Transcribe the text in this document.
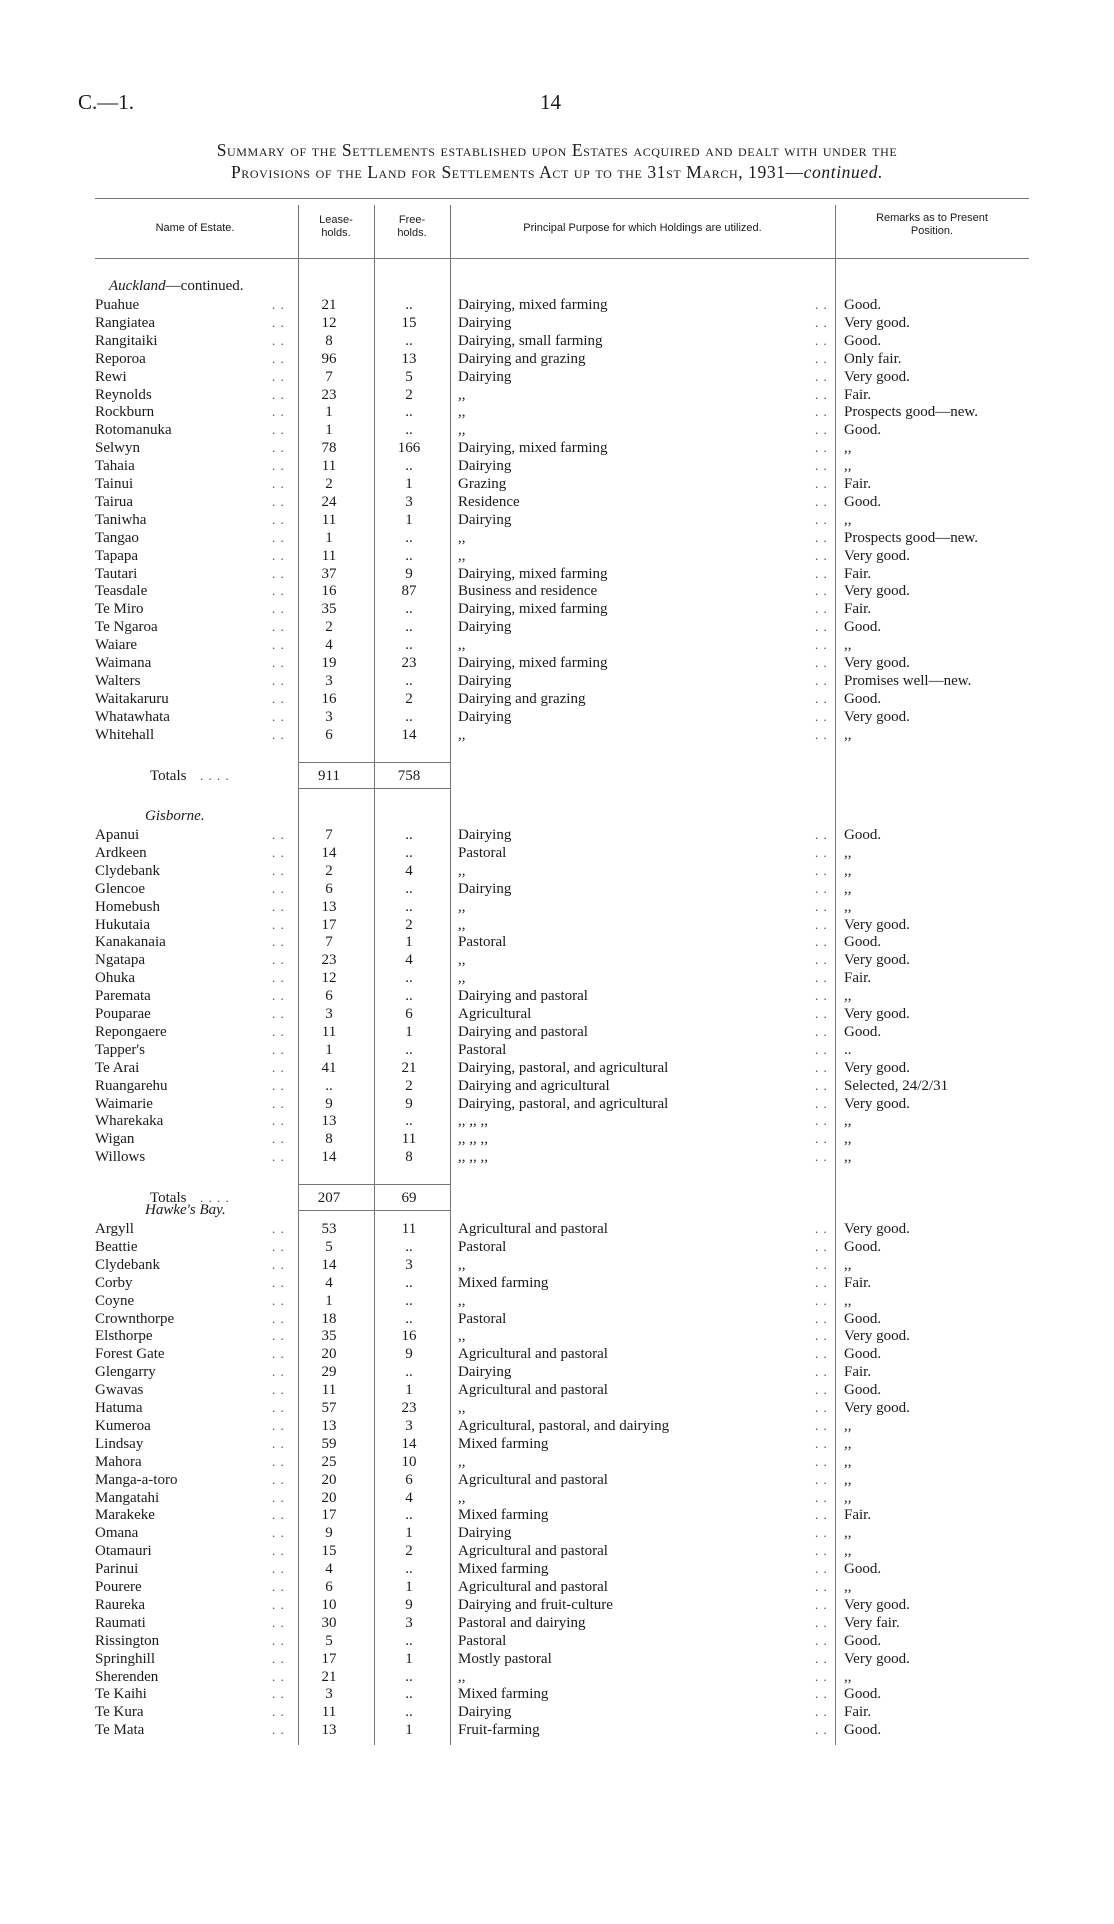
C.—1.	14
Summary of the Settlements established upon Estates acquired and dealt with under the
Provisions of the Land for Settlements Act up to the 31st March, 1931—continued.
Name of Estate.
Lease-
holds.
Free-
holds.	Principal Purpose for which Holdings are utilized.
Remarks as to Present
Position.
Auckland—continued.
Puahue	. .	21	..	Dairying, mixed farming	. . Good.
Rangiatea	. .	12	15	Dairying	. . Very good.
Rangitaiki	. .	8	..	Dairying, small farming	. . Good.
Reporoa	. .	96	13	Dairying and grazing	. . Only fair.
Rewi	. .	7	5	Dairying	. . Very good.
Reynolds	. .	23	2	,,	. . Fair.
Rockburn	. .	1	..	,,	. . Prospects good—new.
Rotomanuka	. .	1	..	,,	. . Good.
Selwyn	. .	78	166	Dairying, mixed farming	. . ,,
Tahaia	. .	11	..	Dairying	. . ,,
Tainui	. .	2	1	Grazing	. . Fair.
Tairua	. .	24	3	Residence	. . Good.
Taniwha	. .	11	1	Dairying	. . ,,
Tangao	. .	1	..	,,	. . Prospects good—new.
Tapapa	. .	11	..	,,	. . Very good.
Tautari	. .	37	9	Dairying, mixed farming	. . Fair.
Teasdale	. .	16	87	Business and residence	. . Very good.
Te Miro	. .	35	..	Dairying, mixed farming	. . Fair.
Te Ngaroa	. .	2	..	Dairying	. . Good.
Waiare	. .	4	..	,,	. . ,,
Waimana	. .	19	23	Dairying, mixed farming	. . Very good.
Walters	. .	3	..	Dairying	. . Promises well—new.
Waitakaruru	. .	16	2	Dairying and grazing	. . Good.
Whatawhata	. .	3	..	Dairying	. . Very good.
Whitehall	. .	6	14	,,	. . ,,
Totals . . . .	911	758
Gisborne.
Apanui	. .	7	..	Dairying	. . Good.
Ardkeen	. .	14	..	Pastoral	. . ,,
Clydebank	. .	2	4	,,	. . ,,
Glencoe	. .	6	..	Dairying	. . ,,
Homebush	. .	13	..	,,	. . ,,
Hukutaia	. .	17	2	,,	. . Very good.
Kanakanaia	. .	7	1	Pastoral	. . Good.
Ngatapa	. .	23	4	,,	. . Very good.
Ohuka	. .	12	..	,,	. . Fair.
Paremata	. .	6	..	Dairying and pastoral	. . ,,
Pouparae	. .	3	6	Agricultural	. . Very good.
Repongaere	. .	11	1	Dairying and pastoral	. . Good.
Tapper's	. .	1	..	Pastoral	. . ..
Te Arai	. .	41	21	Dairying, pastoral, and agricultural	. . Very good.
Ruangarehu	. .	..	2	Dairying and agricultural	. . Selected, 24/2/31
Waimarie	. .	9	9	Dairying, pastoral, and agricultural	. . Very good.
Wharekaka	. .	13	..	,, ,, ,,	. . ,,
Wigan	. .	8	11	,, ,, ,,	. . ,,
Willows	. .	14	8	,, ,, ,,	. . ,,
Totals . . . .	207	69
Hawke's Bay.
Argyll	. .	53	11	Agricultural and pastoral	. . Very good.
Beattie	. .	5	..	Pastoral	. . Good.
Clydebank	. .	14	3	,,	. . ,,
Corby	. .	4	..	Mixed farming	. . Fair.
Coyne	. .	1	..	,,	. . ,,
Crownthorpe	. .	18	..	Pastoral	. . Good.
Elsthorpe	. .	35	16	,,	. . Very good.
Forest Gate	. .	20	9	Agricultural and pastoral	. . Good.
Glengarry	. .	29	..	Dairying	. . Fair.
Gwavas	. .	11	1	Agricultural and pastoral	. . Good.
Hatuma	. .	57	23	,,	. . Very good.
Kumeroa	. .	13	3	Agricultural, pastoral, and dairying	. . ,,
Lindsay	. .	59	14	Mixed farming	. . ,,
Mahora	. .	25	10	,,	. . ,,
Manga-a-toro	. .	20	6	Agricultural and pastoral	. . ,,
Mangatahi	. .	20	4	,,	. . ,,
Marakeke	. .	17	..	Mixed farming	. . Fair.
Omana	. .	9	1	Dairying	. . ,,
Otamauri	. .	15	2	Agricultural and pastoral	. . ,,
Parinui	. .	4	..	Mixed farming	. . Good.
Pourere	. .	6	1	Agricultural and pastoral	. . ,,
Raureka	. .	10	9	Dairying and fruit-culture	. . Very good.
Raumati	. .	30	3	Pastoral and dairying	. . Very fair.
Rissington	. .	5	..	Pastoral	. . Good.
Springhill	. .	17	1	Mostly pastoral	. . Very good.
Sherenden	. .	21	..	,,	. . ,,
Te Kaihi	. .	3	..	Mixed farming	. . Good.
Te Kura	. .	11	..	Dairying	. . Fair.
Te Mata	. .	13	1	Fruit-farming	. . Good.
